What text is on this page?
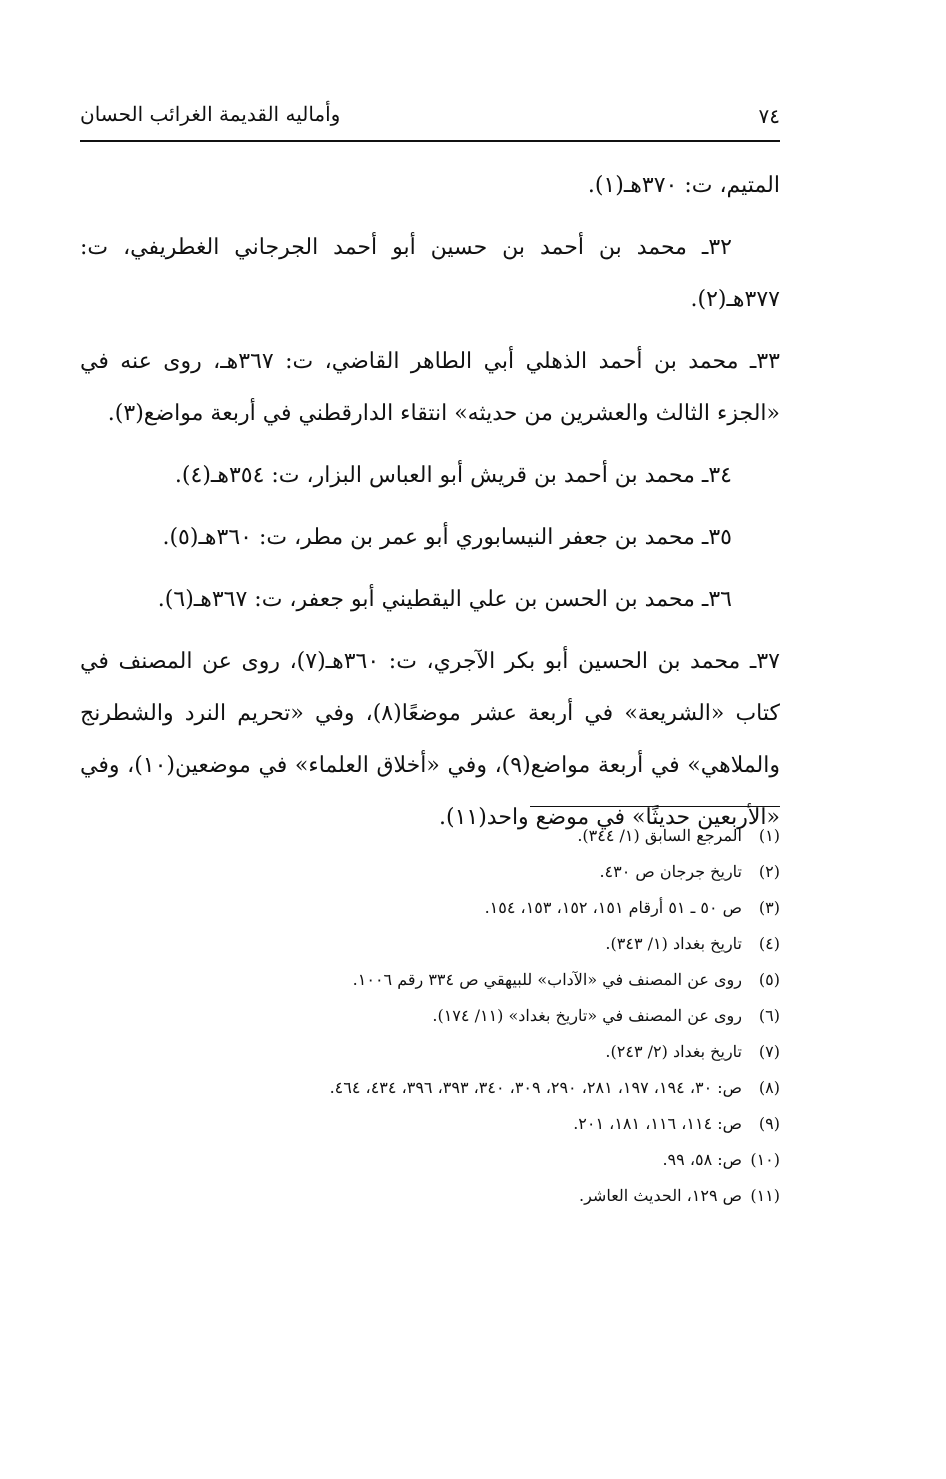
٧٤
وأماليه القديمة الغرائب الحسان

المتيم، ت: ٣٧٠هـ(١).

٣٢ـ محمد بن أحمد بن حسين أبو أحمد الجرجاني الغطريفي، ت: ٣٧٧هـ(٢).

٣٣ـ محمد بن أحمد الذهلي أبي الطاهر القاضي، ت: ٣٦٧هـ، روى عنه في «الجزء الثالث والعشرين من حديثه» انتقاء الدارقطني في أربعة مواضع(٣).

٣٤ـ محمد بن أحمد بن قريش أبو العباس البزار، ت: ٣٥٤هـ(٤).

٣٥ـ محمد بن جعفر النيسابوري أبو عمر بن مطر، ت: ٣٦٠هـ(٥).

٣٦ـ محمد بن الحسن بن علي اليقطيني أبو جعفر، ت: ٣٦٧هـ(٦).

٣٧ـ محمد بن الحسين أبو بكر الآجري، ت: ٣٦٠هـ(٧)، روى عن المصنف في كتاب «الشريعة» في أربعة عشر موضعًا(٨)، وفي «تحريم النرد والشطرنج والملاهي» في أربعة مواضع(٩)، وفي «أخلاق العلماء» في موضعين(١٠)، وفي «الأربعين حديثًا» في موضع واحد(١١).

(١)
المرجع السابق (١/ ٣٤٤).
(٢)
تاريخ جرجان ص ٤٣٠.
(٣)
ص ٥٠ ـ ٥١ أرقام ١٥١، ١٥٢، ١٥٣، ١٥٤.
(٤)
تاريخ بغداد (١/ ٣٤٣).
(٥)
روى عن المصنف في «الآداب» للبيهقي ص ٣٣٤ رقم ١٠٠٦.
(٦)
روى عن المصنف في «تاريخ بغداد» (١١/ ١٧٤).
(٧)
تاريخ بغداد (٢/ ٢٤٣).
(٨)
ص: ٣٠، ١٩٤، ١٩٧، ٢٨١، ٢٩٠، ٣٠٩، ٣٤٠، ٣٩٣، ٣٩٦، ٤٣٤، ٤٦٤.
(٩)
ص: ١١٤، ١١٦، ١٨١، ٢٠١.
(١٠)
ص: ٥٨، ٩٩.
(١١)
ص ١٢٩، الحديث العاشر.
